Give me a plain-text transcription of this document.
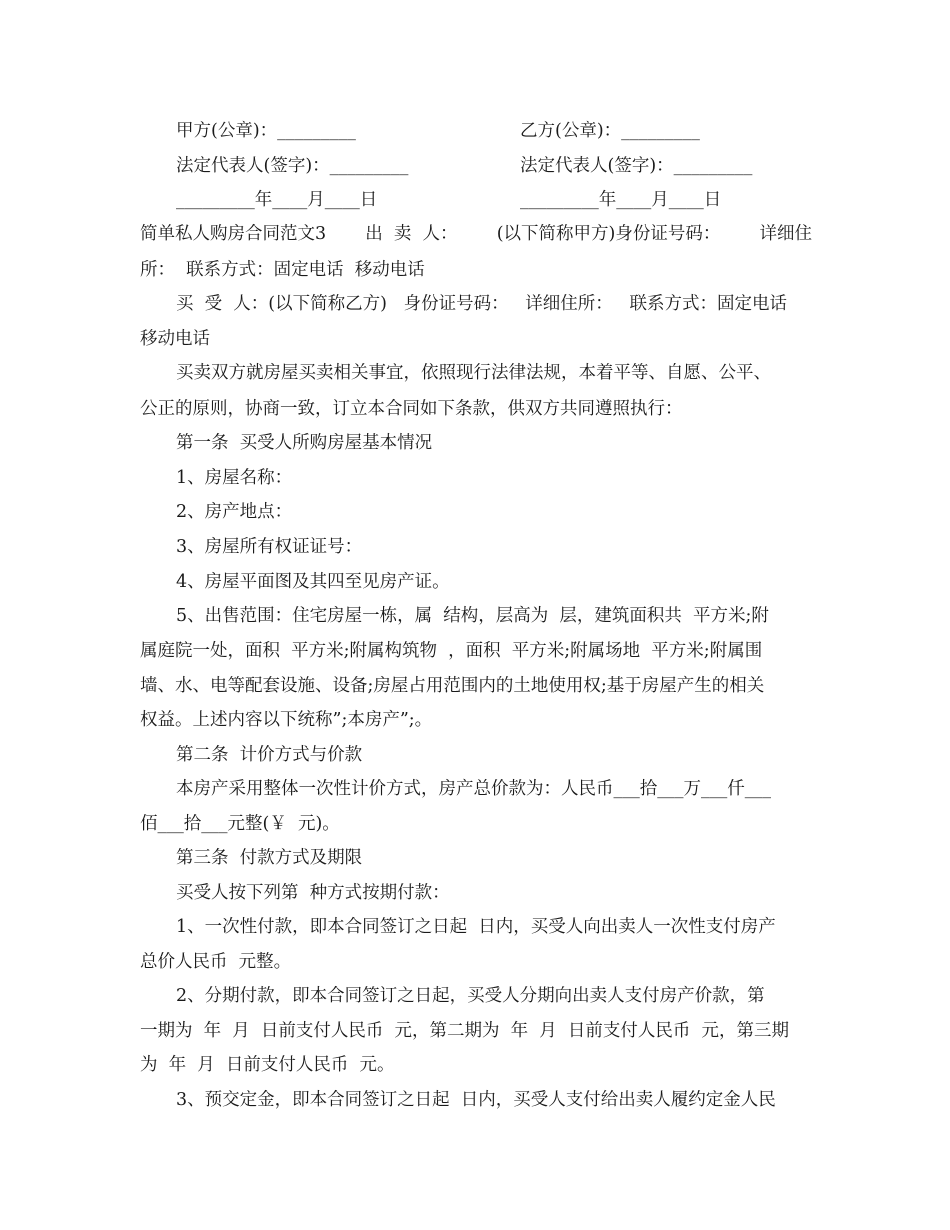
甲方(公章)：_________	乙方(公章)：_________
法定代表人(签字)：_________	法定代表人(签字)：_________
_________年____月____日	_________年____月____日
简单私人购房合同范文3 出  卖  人： (以下简称甲方)身份证号码： 详细住
所：  联系方式：固定电话  移动电话
买  受  人：(以下简称乙方)   身份证号码：   详细住所：   联系方式：固定电话
移动电话
买卖双方就房屋买卖相关事宜，依照现行法律法规，本着平等、自愿、公平、
公正的原则，协商一致，订立本合同如下条款，供双方共同遵照执行：
第一条  买受人所购房屋基本情况
1、房屋名称：
2、房产地点：
3、房屋所有权证证号：
4、房屋平面图及其四至见房产证。
5、出售范围：住宅房屋一栋，属  结构，层高为  层，建筑面积共  平方米;附
属庭院一处，面积  平方米;附属构筑物  ，面积  平方米;附属场地  平方米;附属围
墙、水、电等配套设施、设备;房屋占用范围内的土地使用权;基于房屋产生的相关
权益。上述内容以下统称”;本房产”;。
第二条  计价方式与价款
本房产采用整体一次性计价方式，房产总价款为：人民币___拾___万___仟___
佰___拾___元整(￥  元)。
第三条  付款方式及期限
买受人按下列第  种方式按期付款：
1、一次性付款，即本合同签订之日起  日内，买受人向出卖人一次性支付房产
总价人民币  元整。
2、分期付款，即本合同签订之日起，买受人分期向出卖人支付房产价款，第
一期为  年  月  日前支付人民币  元，第二期为  年  月  日前支付人民币  元，第三期
为  年  月  日前支付人民币  元。
3、预交定金，即本合同签订之日起  日内，买受人支付给出卖人履约定金人民
